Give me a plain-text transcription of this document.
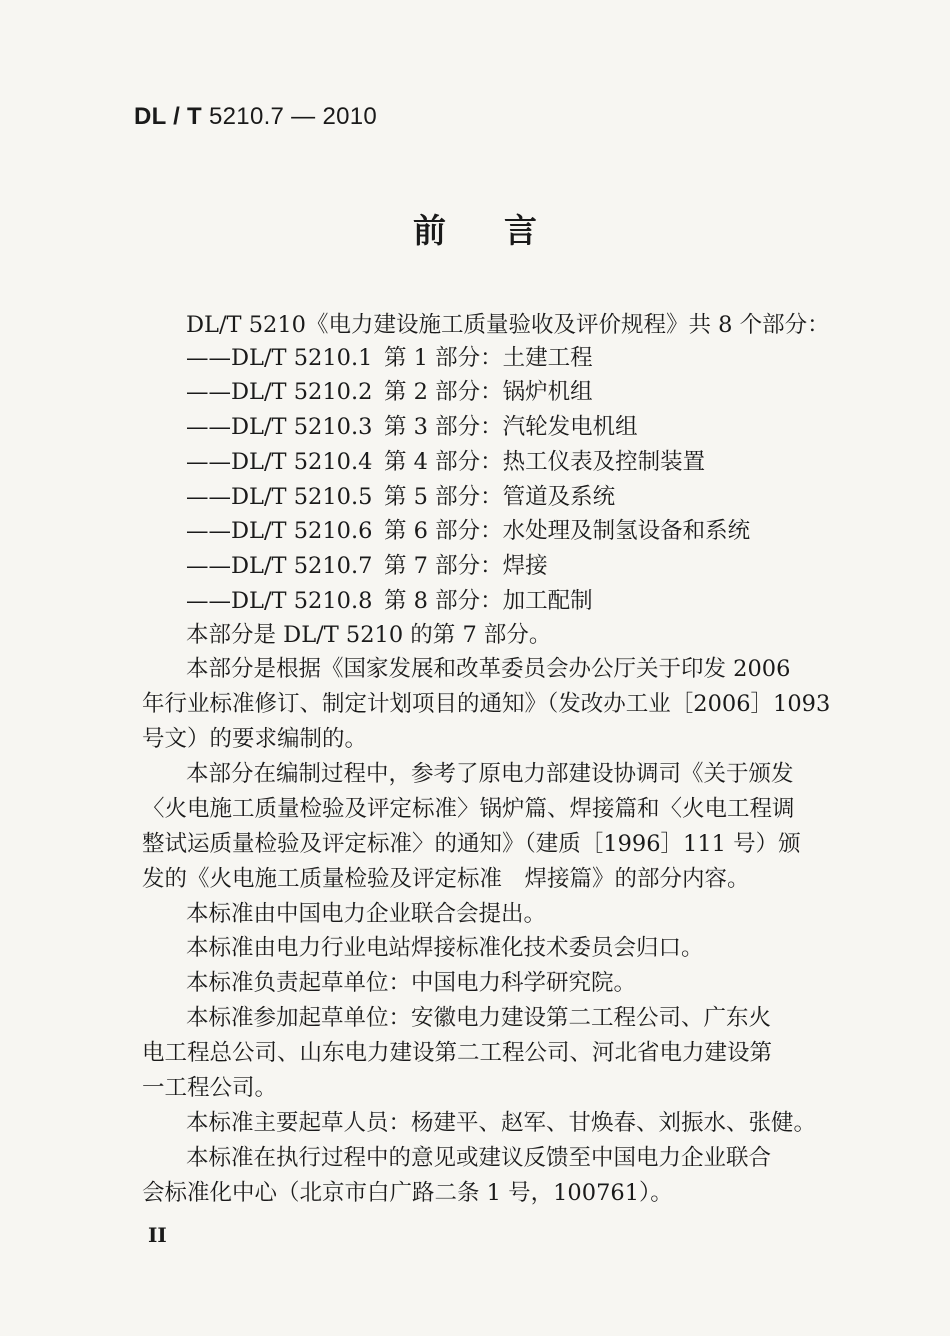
DL / T 5210.7 — 2010
前言
DL/T 5210《电力建设施工质量验收及评价规程》共 8 个部分：
——DL/T 5210.1 第 1 部分：土建工程
——DL/T 5210.2 第 2 部分：锅炉机组
——DL/T 5210.3 第 3 部分：汽轮发电机组
——DL/T 5210.4 第 4 部分：热工仪表及控制装置
——DL/T 5210.5 第 5 部分：管道及系统
——DL/T 5210.6 第 6 部分：水处理及制氢设备和系统
——DL/T 5210.7 第 7 部分：焊接
——DL/T 5210.8 第 8 部分：加工配制
本部分是 DL/T 5210 的第 7 部分。
本部分是根据《国家发展和改革委员会办公厅关于印发 2006
年行业标准修订、制定计划项目的通知》（发改办工业［2006］1093
号文）的要求编制的。
本部分在编制过程中，参考了原电力部建设协调司《关于颁发
〈火电施工质量检验及评定标准〉锅炉篇、焊接篇和〈火电工程调
整试运质量检验及评定标准〉的通知》（建质［1996］111 号）颁
发的《火电施工质量检验及评定标准　焊接篇》的部分内容。
本标准由中国电力企业联合会提出。
本标准由电力行业电站焊接标准化技术委员会归口。
本标准负责起草单位：中国电力科学研究院。
本标准参加起草单位：安徽电力建设第二工程公司、广东火
电工程总公司、山东电力建设第二工程公司、河北省电力建设第
一工程公司。
本标准主要起草人员：杨建平、赵军、甘焕春、刘振水、张健。
本标准在执行过程中的意见或建议反馈至中国电力企业联合
会标准化中心（北京市白广路二条 1 号，100761）。
II
